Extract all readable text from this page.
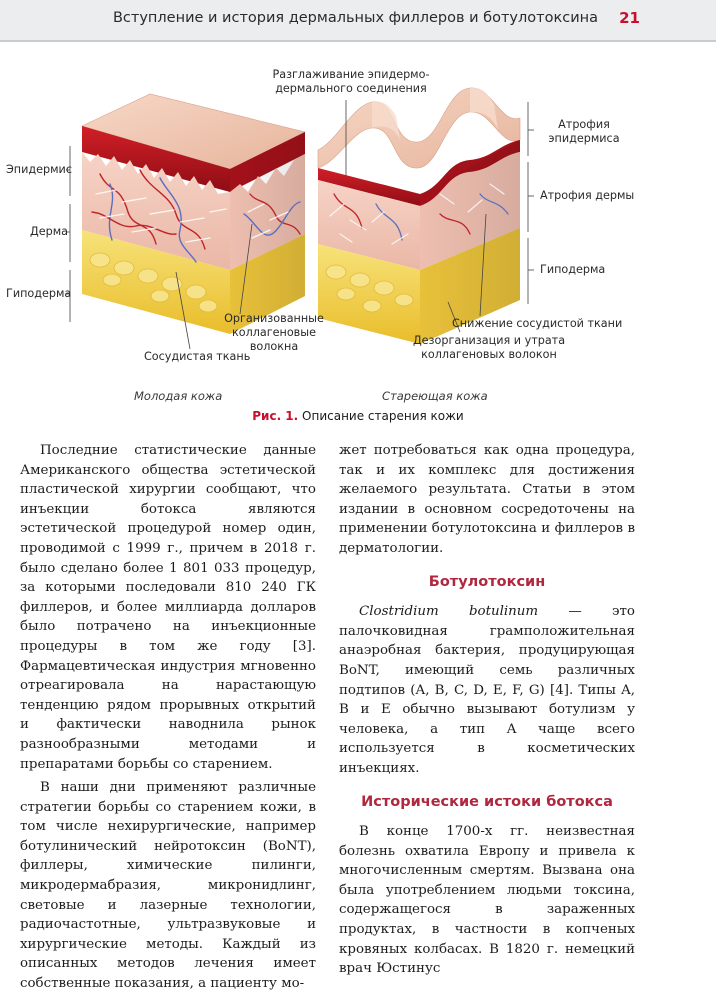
Вступление и история дермальных филлеров и ботулотоксина 21
Эпидермис
Дерма
Гиподерма
Организованные
коллагеновые
волокна
Сосудистая ткань
Разглаживание эпидермо-
дермального соединения
Атрофия
эпидермиса
Атрофия дермы
Гиподерма
Снижение сосудистой ткани
Дезорганизация и утрата
коллагеновых волокон
Молодая кожа	Стареющая кожа
Рис. 1. Описание старения кожи

Последние статистические данные Американского общества эстетической пластической хирургии сообщают, что инъекции ботокса являются эстетической процедурой номер один, проводимой с 1999 г., причем в 2018 г. было сделано более 1 801 033 процедур, за которыми последовали 810 240 ГК филлеров, и более миллиарда долларов было потрачено на инъекционные процедуры в том же году [3]. Фармацевтическая индустрия мгновенно отреагировала на нарастающую тенденцию рядом прорывных открытий и фактически наводнила рынок разнообразными методами и препаратами борьбы со старением.

В наши дни применяют различные стратегии борьбы со старением кожи, в том числе нехирургические, например ботулинический нейротоксин (BoNT), филлеры, химические пилинги, микродермабразия, микронидлинг, световые и лазерные технологии, радиочастотные, ультразвуковые и хирургические методы. Каждый из описанных методов лечения имеет собственные показания, а пациенту мо-

жет потребоваться как одна процедура, так и их комплекс для достижения желаемого результата. Статьи в этом издании в основном сосредоточены на применении ботулотоксина и филлеров в дерматологии.

Ботулотоксин

Clostridium botulinum — это палочковидная грамположительная анаэробная бактерия, продуцирующая BoNT, имеющий семь различных подтипов (A, B, C, D, E, F, G) [4]. Типы A, B и E обычно вызывают ботулизм у человека, а тип A чаще всего используется в косметических инъекциях.

Исторические истоки ботокса

В конце 1700-х гг. неизвестная болезнь охватила Европу и привела к многочисленным смертям. Вызвана она была употреблением людьми токсина, содержащегося в зараженных продуктах, в частности в копченых кровяных колбасах. В 1820 г. немецкий врач Юстинус
